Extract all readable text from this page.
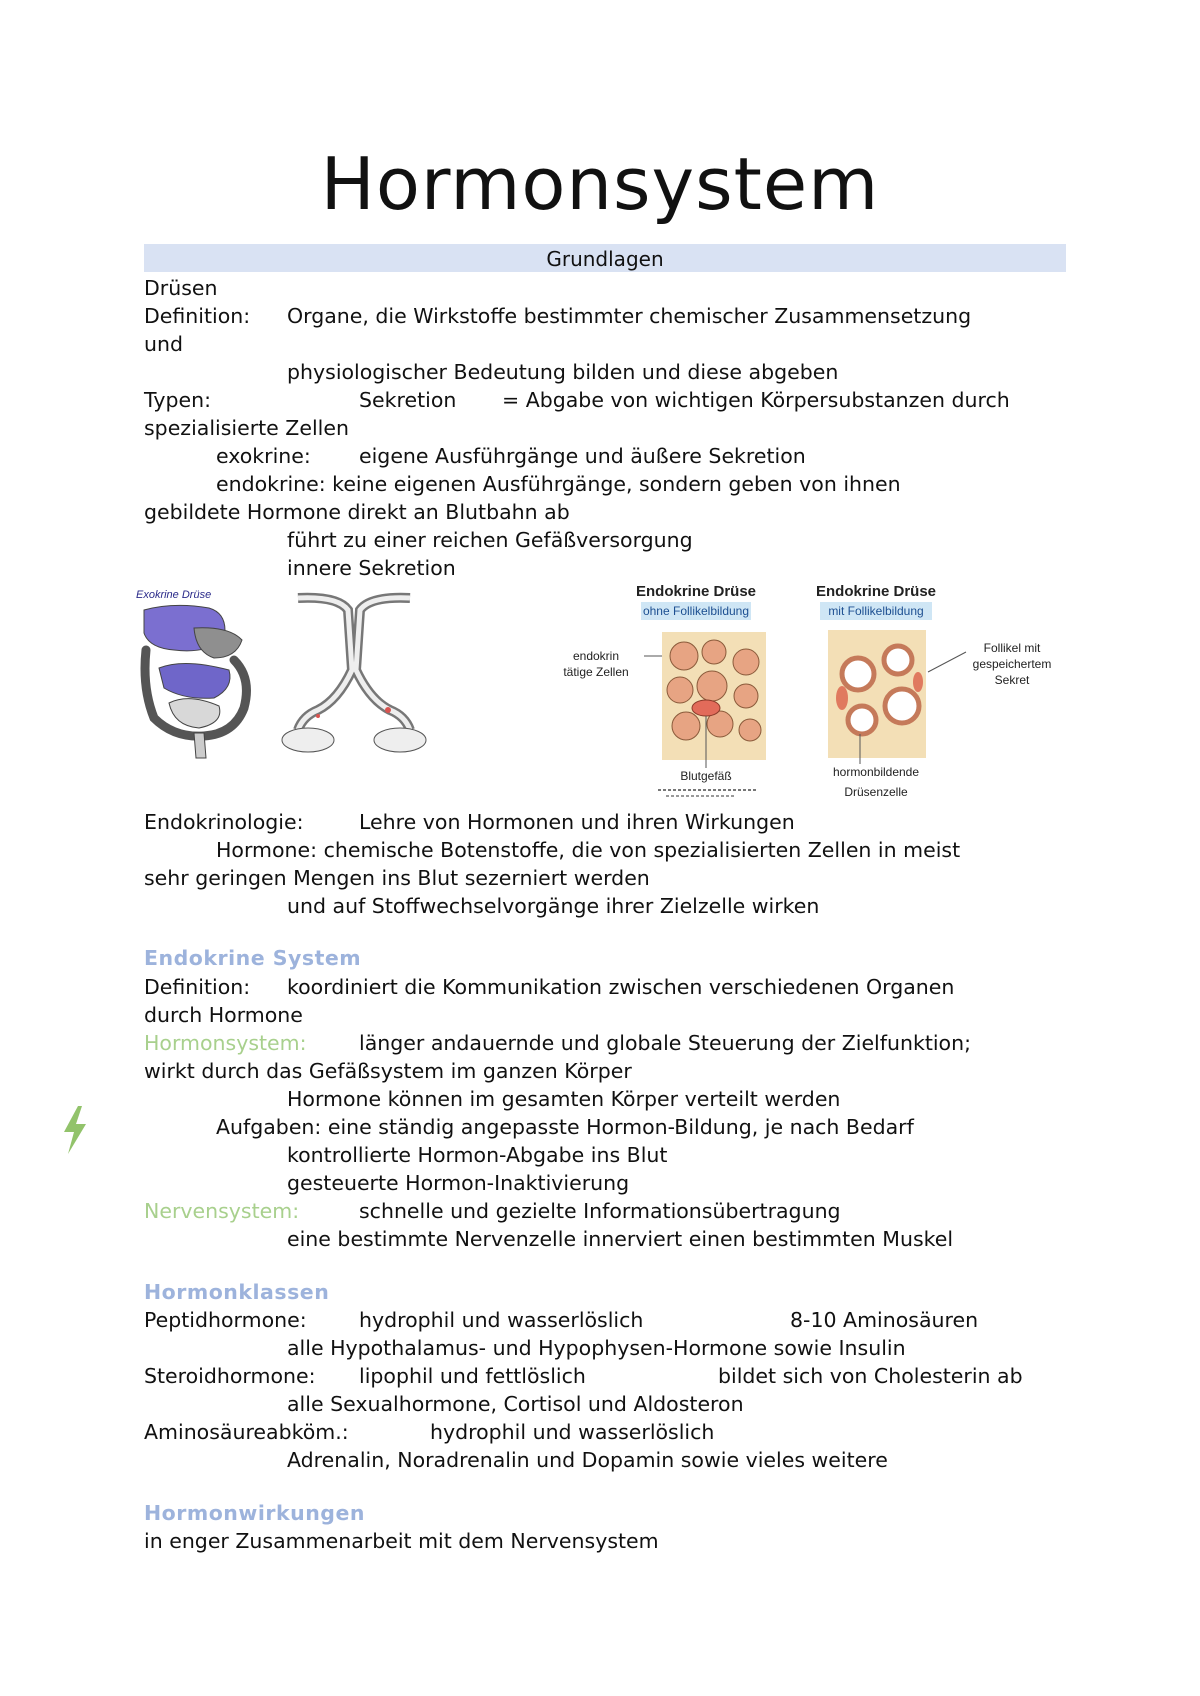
Hormonsystem
Grundlagen
Drüsen
Definition: Organe, die Wirkstoffe bestimmter chemischer Zusammensetzung
und
physiologischer Bedeutung bilden und diese abgeben
Typen:	Sekretion = Abgabe von wichtigen Körpersubstanzen durch
spezialisierte Zellen
exokrine: eigene Ausführgänge und äußere Sekretion
endokrine: keine eigenen Ausführgänge, sondern geben von ihnen
gebildete Hormone direkt an Blutbahn ab
führt zu einer reichen Gefäßversorgung
innere Sekretion
Exokrine Drüse	Endokrine Drüse
ohne Follikelbildung
endokrin
tätige Zellen
Blutgefäß
Endokrine Drüse
mit Follikelbildung
Follikel mit
gespeichertem
Sekret
hormonbildende
Drüsenzelle
Endokrinologie:	Lehre von Hormonen und ihren Wirkungen
Hormone: chemische Botenstoffe, die von spezialisierten Zellen in meist
sehr geringen Mengen ins Blut sezerniert werden
und auf Stoffwechselvorgänge ihrer Zielzelle wirken
Endokrine System
Definition: koordiniert die Kommunikation zwischen verschiedenen Organen
durch Hormone
Hormonsystem:	länger andauernde und globale Steuerung der Zielfunktion;
wirkt durch das Gefäßsystem im ganzen Körper
Hormone können im gesamten Körper verteilt werden
Aufgaben: eine ständig angepasste Hormon-Bildung, je nach Bedarf
kontrollierte Hormon-Abgabe ins Blut
gesteuerte Hormon-Inaktivierung
Nervensystem:	schnelle und gezielte Informationsübertragung
eine bestimmte Nervenzelle innerviert einen bestimmten Muskel
Hormonklassen
Peptidhormone:	hydrophil und wasserlöslich	8-10 Aminosäuren
alle Hypothalamus- und Hypophysen-Hormone sowie Insulin
Steroidhormone: lipophil und fettlöslich	bildet sich von Cholesterin ab
alle Sexualhormone, Cortisol und Aldosteron
Aminosäureabköm.:	hydrophil und wasserlöslich
Adrenalin, Noradrenalin und Dopamin sowie vieles weitere
Hormonwirkungen
in enger Zusammenarbeit mit dem Nervensystem
